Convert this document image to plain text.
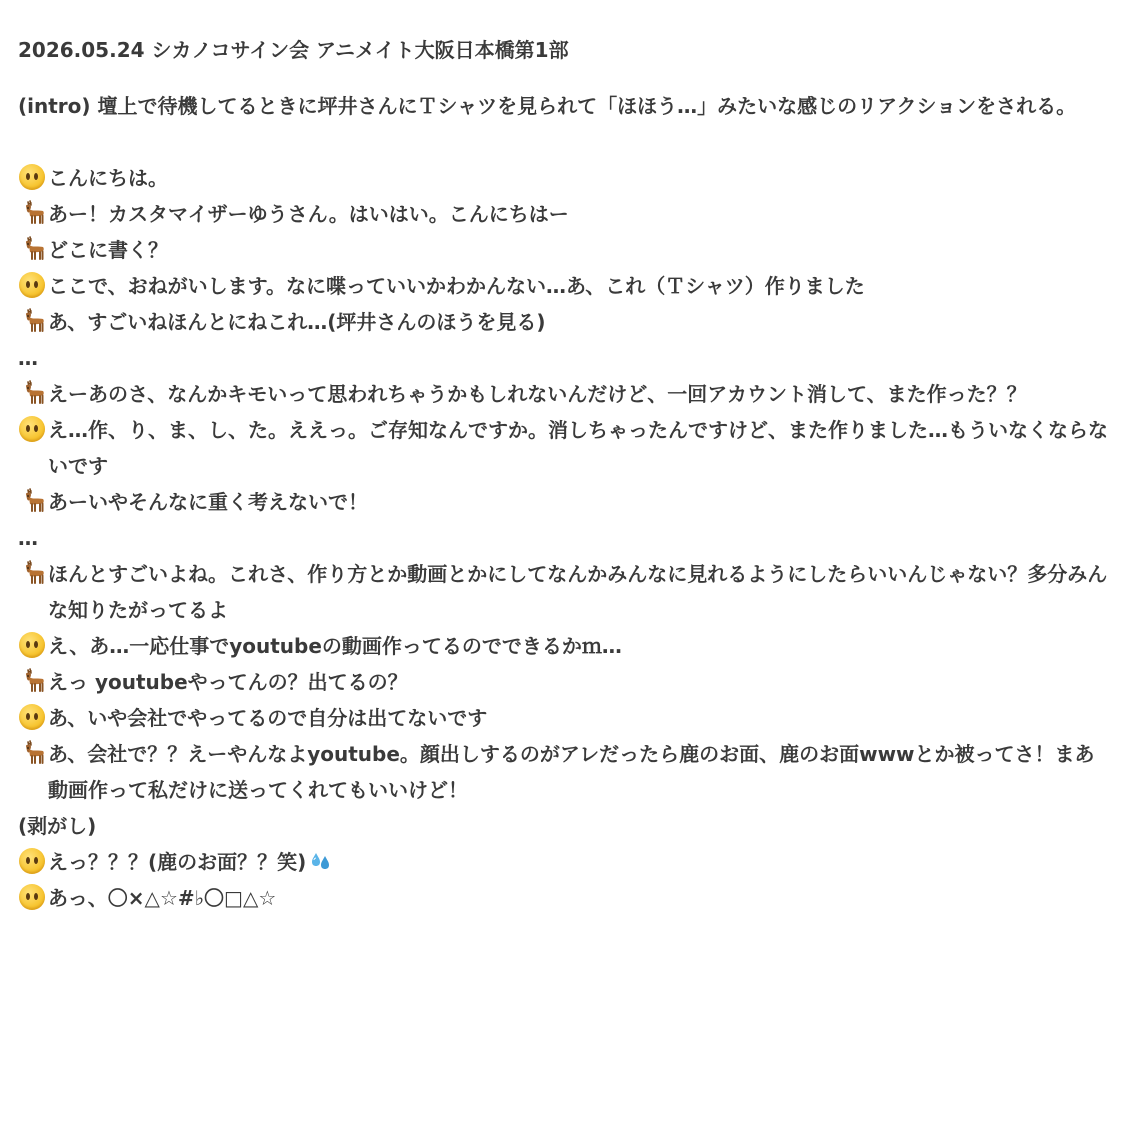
2026.05.24 シカノコサイン会 アニメイト大阪日本橋第1部
(intro) 壇上で待機してるときに坪井さんにＴシャツを見られて「ほほう…」みたいな感じのリアクションをされる。
こんにちは。
あー！カスタマイザーゆうさん。はいはい。こんにちはー
どこに書く？
ここで、おねがいします。なに喋っていいかわかんない…あ、これ（Ｔシャツ）作りました
あ、すごいねほんとにねこれ…(坪井さんのほうを見る)
…
えーあのさ、なんかキモいって思われちゃうかもしれないんだけど、一回アカウント消して、また作った？？
え…作、り、ま、し、た。ええっ。ご存知なんですか。消しちゃったんですけど、また作りました…もういなくならないです
あーいやそんなに重く考えないで！
…
ほんとすごいよね。これさ、作り方とか動画とかにしてなんかみんなに見れるようにしたらいいんじゃない？多分みんな知りたがってるよ
え、あ…一応仕事でyoutubeの動画作ってるのでできるかｍ…
えっ youtubeやってんの？出てるの？
あ、いや会社でやってるので自分は出てないです
あ、会社で？？えーやんなよyoutube。顔出しするのがアレだったら鹿のお面、鹿のお面wwwとか被ってさ！まあ動画作って私だけに送ってくれてもいいけど！
(剥がし)
えっ？？？(鹿のお面？？笑)
あっ、〇×△☆#♭〇□△☆
